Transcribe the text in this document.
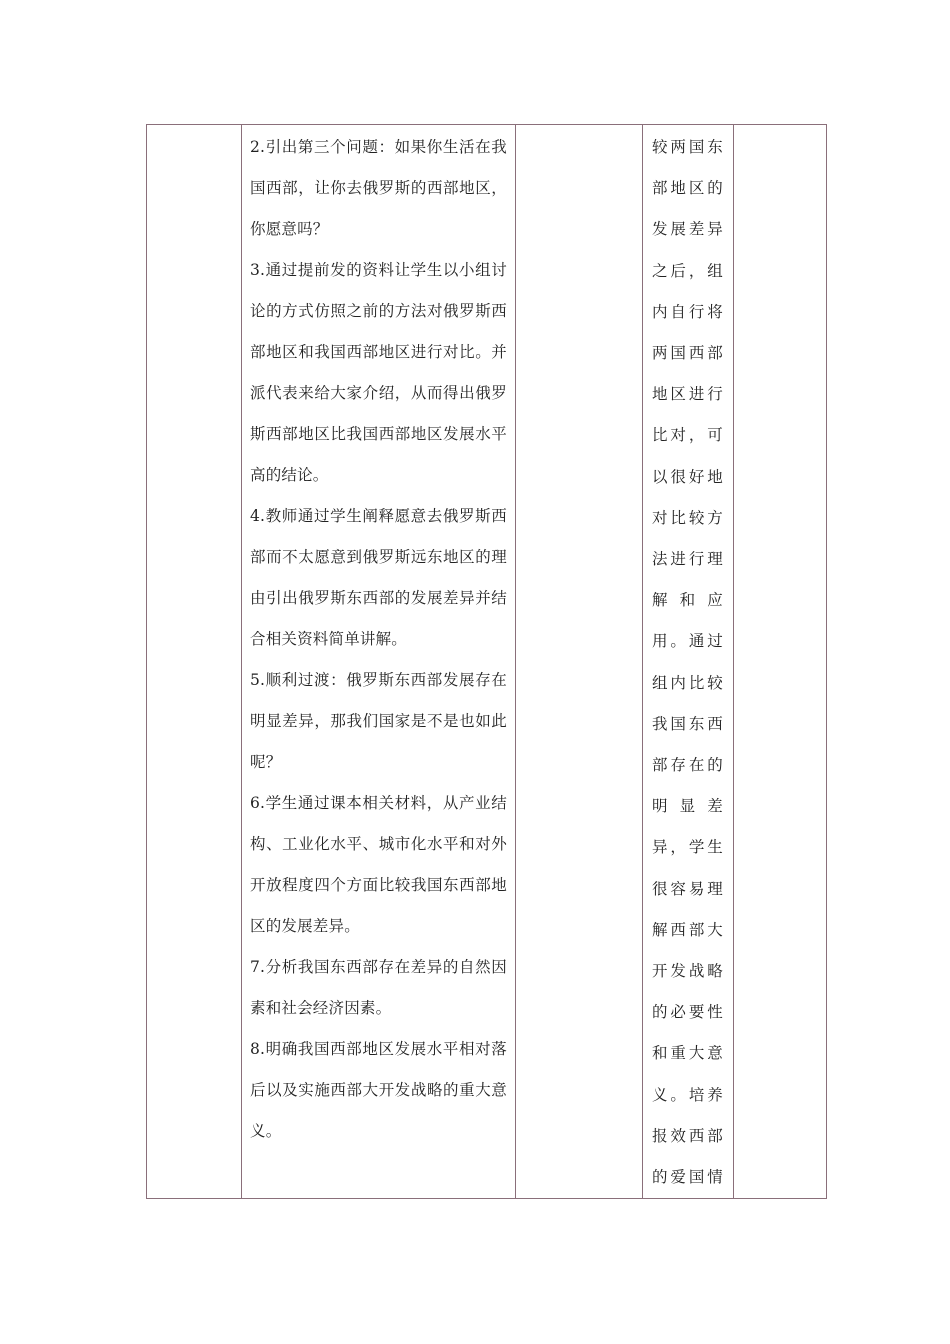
2.引出第三个问题：如果你生活在我国西部，让你去俄罗斯的西部地区，你愿意吗？

3.通过提前发的资料让学生以小组讨论的方式仿照之前的方法对俄罗斯西部地区和我国西部地区进行对比。并派代表来给大家介绍，从而得出俄罗斯西部地区比我国西部地区发展水平高的结论。

4.教师通过学生阐释愿意去俄罗斯西部而不太愿意到俄罗斯远东地区的理由引出俄罗斯东西部的发展差异并结合相关资料简单讲解。

5.顺利过渡：俄罗斯东西部发展存在明显差异，那我们国家是不是也如此呢？

6.学生通过课本相关材料，从产业结构、工业化水平、城市化水平和对外开放程度四个方面比较我国东西部地区的发展差异。

7.分析我国东西部存在差异的自然因素和社会经济因素。

8.明确我国西部地区发展水平相对落后以及实施西部大开发战略的重大意义。

较两国东
部地区的
发展差异
之后，组
内自行将
两国西部
地区进行
比对，可
以很好地
对比较方
法进行理
解和应
用。通过
组内比较
我国东西
部存在的
明显差
异，学生
很容易理
解西部大
开发战略
的必要性
和重大意
义。培养
报效西部
的爱国情
